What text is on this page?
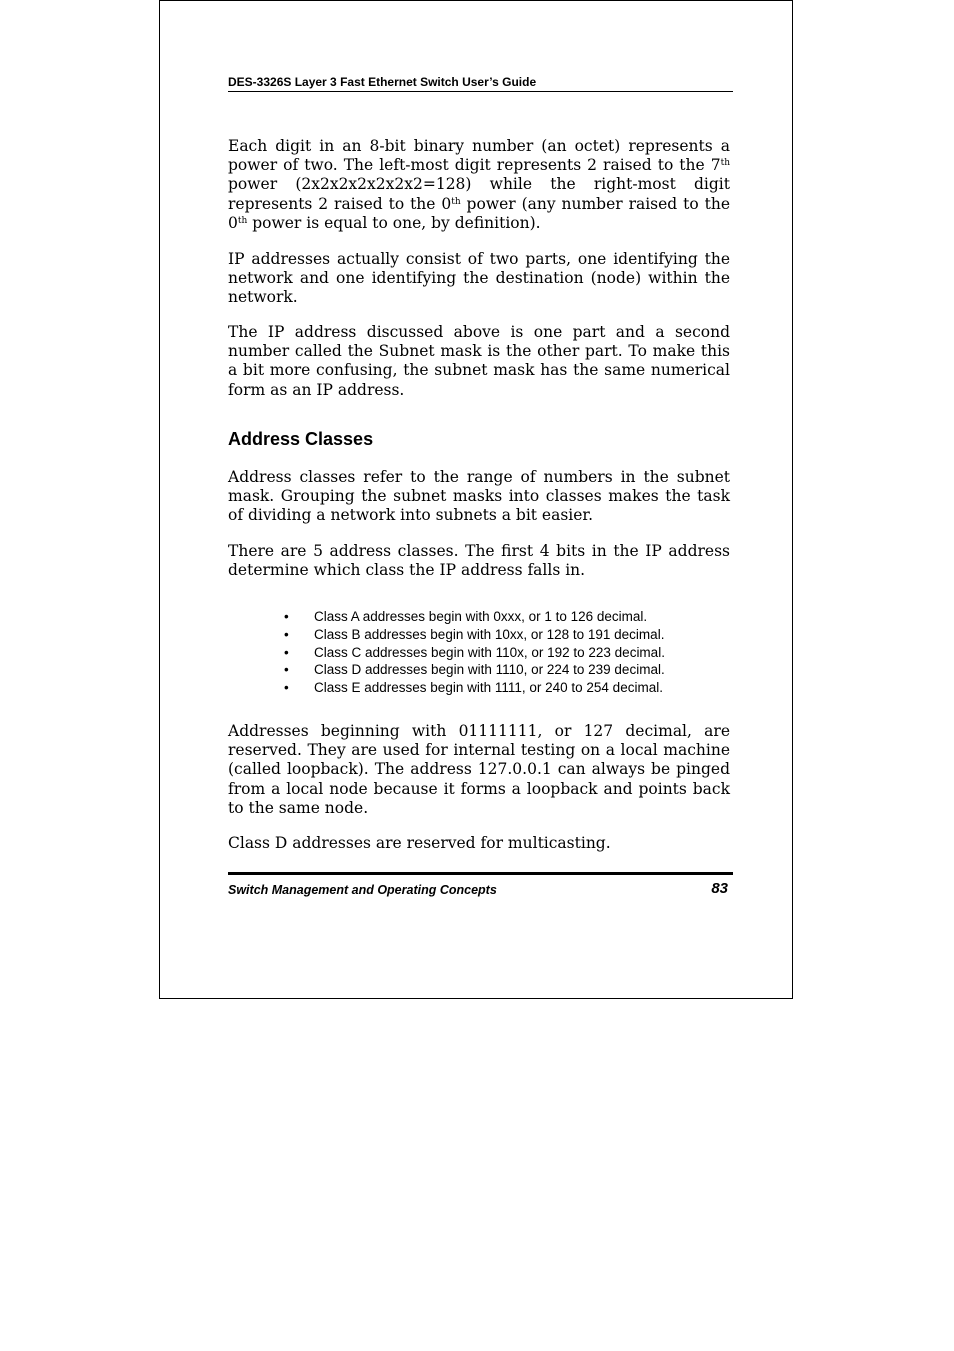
DES-3326S Layer 3 Fast Ethernet Switch User’s Guide

Each digit in an 8-bit binary number (an octet) represents a power of two. The left-most digit represents 2 raised to the 7th power (2x2x2x2x2x2x2=128) while the right-most digit represents 2 raised to the 0th power (any number raised to the 0th power is equal to one, by definition).

IP addresses actually consist of two parts, one identifying the network and one identifying the destination (node) within the network.

The IP address discussed above is one part and a second number called the Subnet mask is the other part. To make this a bit more confusing, the subnet mask has the same numerical form as an IP address.

Address Classes

Address classes refer to the range of numbers in the subnet mask. Grouping the subnet masks into classes makes the task of dividing a network into subnets a bit easier.

There are 5 address classes. The first 4 bits in the IP address determine which class the IP address falls in.

• Class A addresses begin with 0xxx, or 1 to 126 decimal.
• Class B addresses begin with 10xx, or 128 to 191 decimal.
• Class C addresses begin with 110x, or 192 to 223 decimal.
• Class D addresses begin with 1110, or 224 to 239 decimal.
• Class E addresses begin with 1111, or 240 to 254 decimal.

Addresses beginning with 01111111, or 127 decimal, are reserved. They are used for internal testing on a local machine (called loopback). The address 127.0.0.1 can always be pinged from a local node because it forms a loopback and points back to the same node.

Class D addresses are reserved for multicasting.

Switch Management and Operating Concepts	83
